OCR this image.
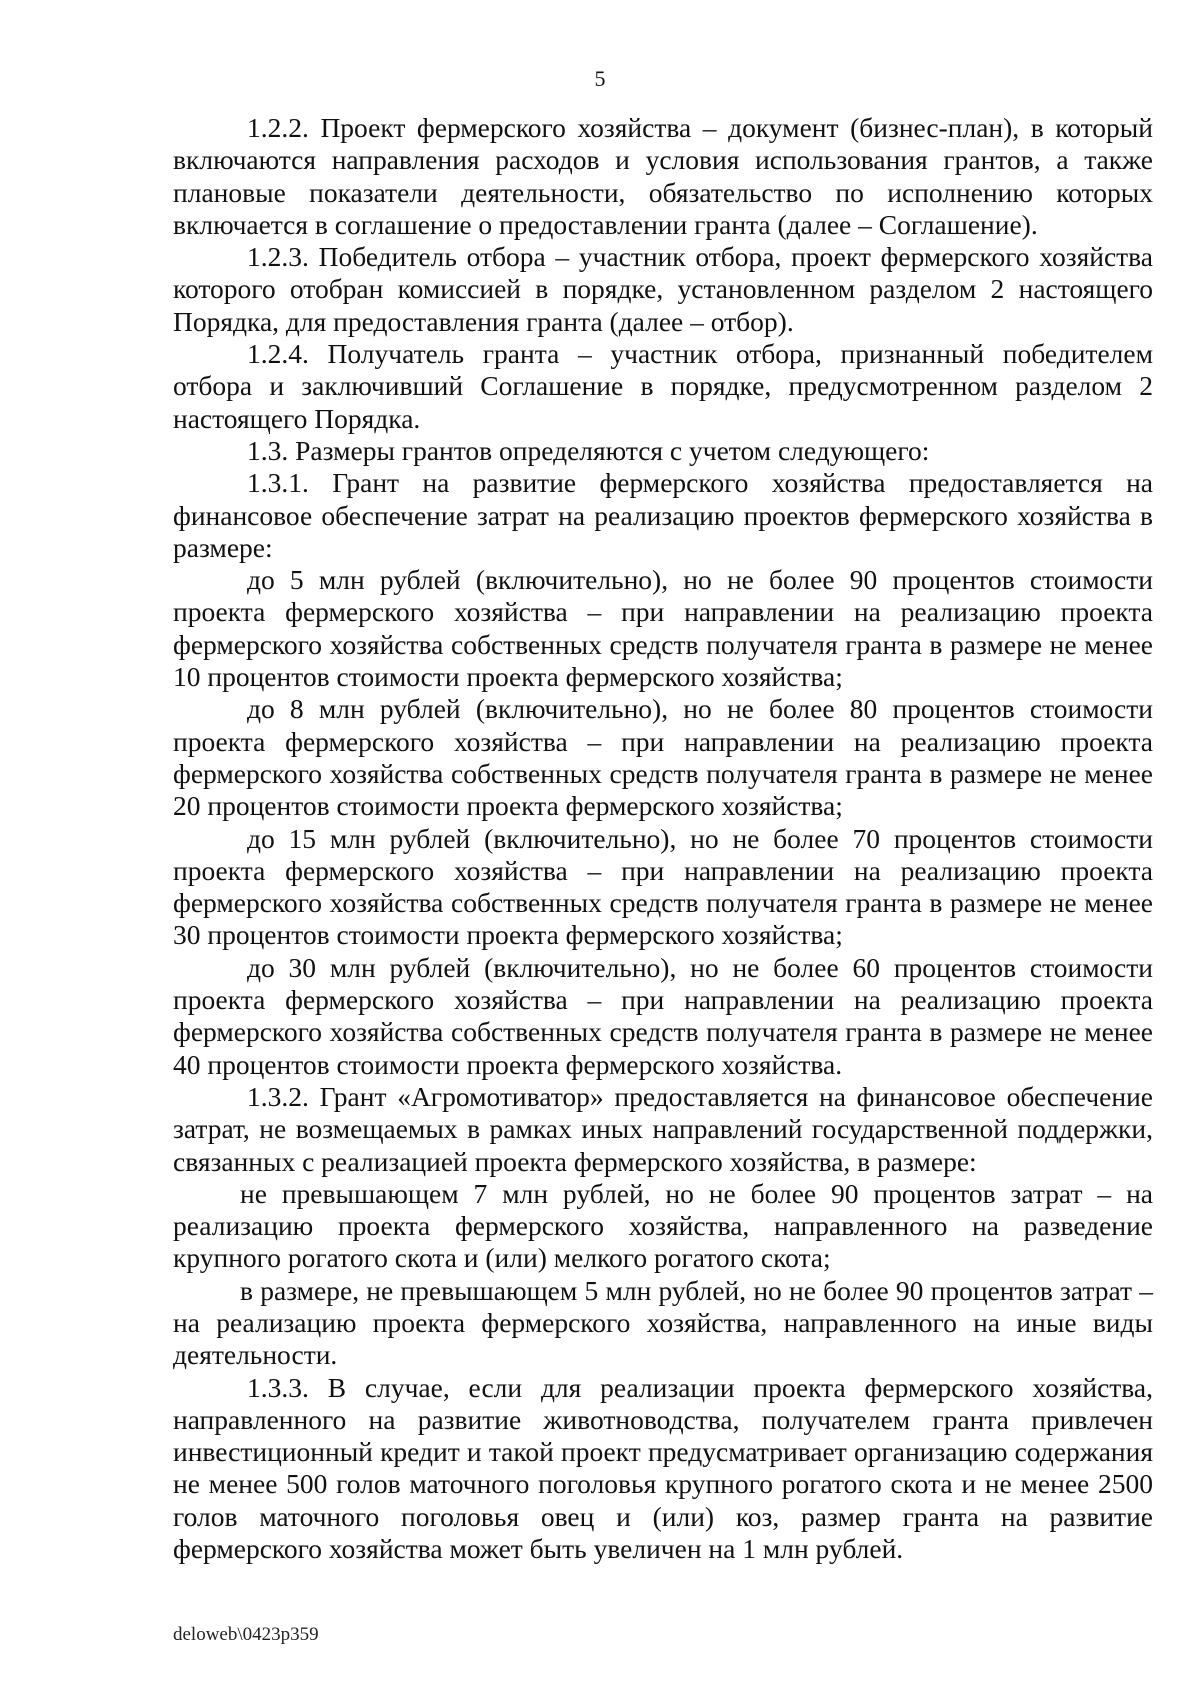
5

1.2.2. Проект фермерского хозяйства – документ (бизнес-план), в который включаются направления расходов и условия использования грантов, а также плановые показатели деятельности, обязательство по исполнению которых включается в соглашение о предоставлении гранта (далее – Соглашение).

1.2.3. Победитель отбора – участник отбора, проект фермерского хозяйства которого отобран комиссией в порядке, установленном разделом 2 настоящего Порядка, для предоставления гранта (далее – отбор).

1.2.4. Получатель гранта – участник отбора, признанный победителем отбора и заключивший Соглашение в порядке, предусмотренном разделом 2 настоящего Порядка.

1.3. Размеры грантов определяются с учетом следующего:

1.3.1. Грант на развитие фермерского хозяйства предоставляется на финансовое обеспечение затрат на реализацию проектов фермерского хозяйства в размере:

до 5 млн рублей (включительно), но не более 90 процентов стоимости проекта фермерского хозяйства – при направлении на реализацию проекта фермерского хозяйства собственных средств получателя гранта в размере не менее 10 процентов стоимости проекта фермерского хозяйства;

до 8 млн рублей (включительно), но не более 80 процентов стоимости проекта фермерского хозяйства – при направлении на реализацию проекта фермерского хозяйства собственных средств получателя гранта в размере не менее 20 процентов стоимости проекта фермерского хозяйства;

до 15 млн рублей (включительно), но не более 70 процентов стоимости проекта фермерского хозяйства – при направлении на реализацию проекта фермерского хозяйства собственных средств получателя гранта в размере не менее 30 процентов стоимости проекта фермерского хозяйства;

до 30 млн рублей (включительно), но не более 60 процентов стоимости проекта фермерского хозяйства – при направлении на реализацию проекта фермерского хозяйства собственных средств получателя гранта в размере не менее 40 процентов стоимости проекта фермерского хозяйства.

1.3.2. Грант «Агромотиватор» предоставляется на финансовое обеспечение затрат, не возмещаемых в рамках иных направлений государственной поддержки, связанных с реализацией проекта фермерского хозяйства, в размере:

не превышающем 7 млн рублей, но не более 90 процентов затрат – на реализацию проекта фермерского хозяйства, направленного на разведение крупного рогатого скота и (или) мелкого рогатого скота;

в размере, не превышающем 5 млн рублей, но не более 90 процентов затрат – на реализацию проекта фермерского хозяйства, направленного на иные виды деятельности.

1.3.3. В случае, если для реализации проекта фермерского хозяйства, направленного на развитие животноводства, получателем гранта привлечен инвестиционный кредит и такой проект предусматривает организацию содержания не менее 500 голов маточного поголовья крупного рогатого скота и не менее 2500 голов маточного поголовья овец и (или) коз, размер гранта на развитие фермерского хозяйства может быть увеличен на 1 млн рублей.

deloweb\0423p359
